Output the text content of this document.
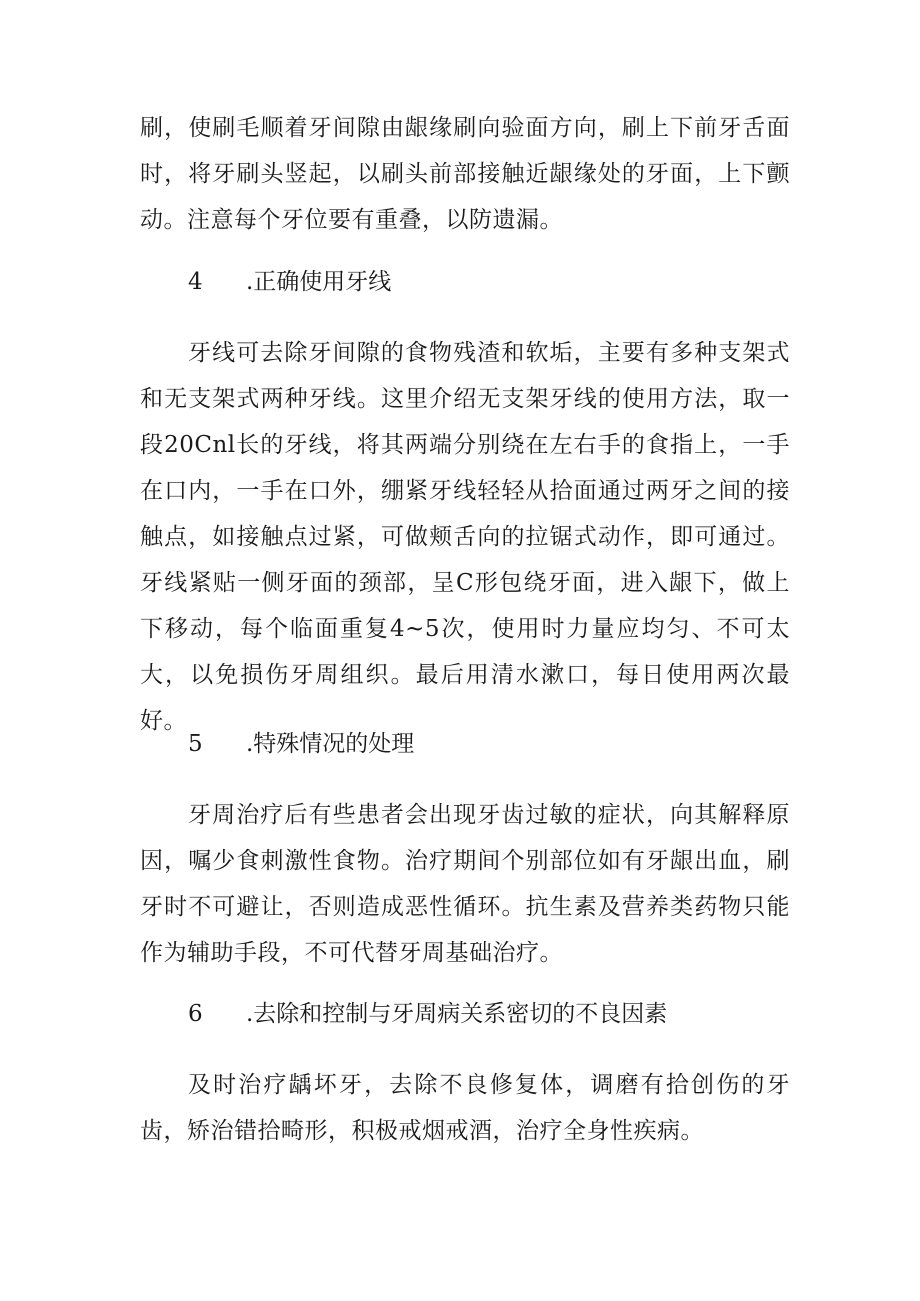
刷，使刷毛顺着牙间隙由龈缘刷向验面方向，刷上下前牙舌面时，将牙刷头竖起，以刷头前部接触近龈缘处的牙面，上下颤动。注意每个牙位要有重叠，以防遗漏。

4 .正确使用牙线

牙线可去除牙间隙的食物残渣和软垢，主要有多种支架式和无支架式两种牙线。这里介绍无支架牙线的使用方法，取一段20Cnl长的牙线，将其两端分别绕在左右手的食指上，一手在口内，一手在口外，绷紧牙线轻轻从拾面通过两牙之间的接触点，如接触点过紧，可做颊舌向的拉锯式动作，即可通过。牙线紧贴一侧牙面的颈部，呈C形包绕牙面，进入龈下，做上下移动，每个临面重复4~5次，使用时力量应均匀、不可太大，以免损伤牙周组织。最后用清水漱口，每日使用两次最好。

5 .特殊情况的处理

牙周治疗后有些患者会出现牙齿过敏的症状，向其解释原因，嘱少食刺激性食物。治疗期间个别部位如有牙龈出血，刷牙时不可避让，否则造成恶性循环。抗生素及营养类药物只能作为辅助手段，不可代替牙周基础治疗。

6 .去除和控制与牙周病关系密切的不良因素

及时治疗龋坏牙，去除不良修复体，调磨有拾创伤的牙齿，矫治错拾畸形，积极戒烟戒酒，治疗全身性疾病。
